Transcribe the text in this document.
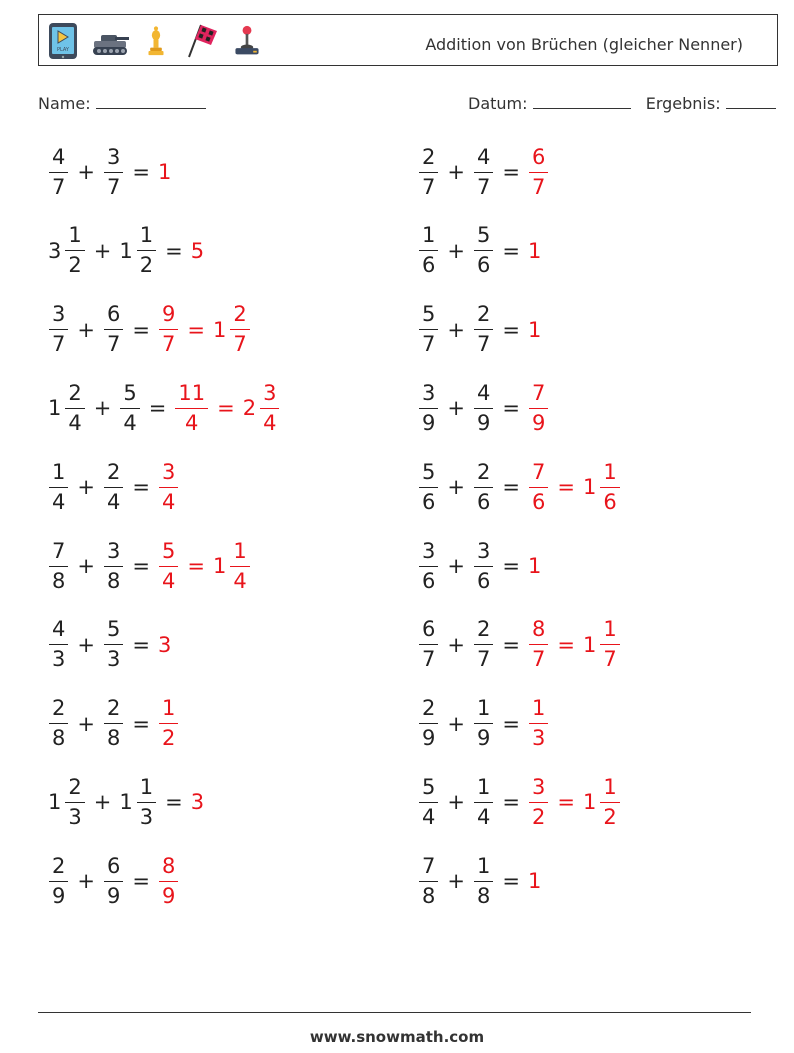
PLAY	Addition von Brüchen (gleicher Nenner)
Name:	Datum:	Ergebnis:
$\frac{4}{7} + \frac{3}{7} = 1$	$\frac{2}{7} + \frac{4}{7} = \frac{6}{7}$
$3 \frac{1}{2} + 1 \frac{1}{2} = 5$	$\frac{1}{6} + \frac{5}{6} = 1$
$\frac{3}{7} + \frac{6}{7} = \frac{9}{7} = 1 \frac{2}{7}$	$\frac{5}{7} + \frac{2}{7} = 1$
$1 \frac{2}{4} + \frac{5}{4} = \frac{11}{4} = 2 \frac{3}{4}$	$\frac{3}{9} + \frac{4}{9} = \frac{7}{9}$
$\frac{1}{4} + \frac{2}{4} = \frac{3}{4}$	$\frac{5}{6} + \frac{2}{6} = \frac{7}{6} = 1 \frac{1}{6}$
$\frac{7}{8} + \frac{3}{8} = \frac{5}{4} = 1 \frac{1}{4}$	$\frac{3}{6} + \frac{3}{6} = 1$
$\frac{4}{3} + \frac{5}{3} = 3$	$\frac{6}{7} + \frac{2}{7} = \frac{8}{7} = 1 \frac{1}{7}$
$\frac{2}{8} + \frac{2}{8} = \frac{1}{2}$	$\frac{2}{9} + \frac{1}{9} = \frac{1}{3}$
$1 \frac{2}{3} + 1 \frac{1}{3} = 3$	$\frac{5}{4} + \frac{1}{4} = \frac{3}{2} = 1 \frac{1}{2}$
$\frac{2}{9} + \frac{6}{9} = \frac{8}{9}$	$\frac{7}{8} + \frac{1}{8} = 1$
www.snowmath.com
